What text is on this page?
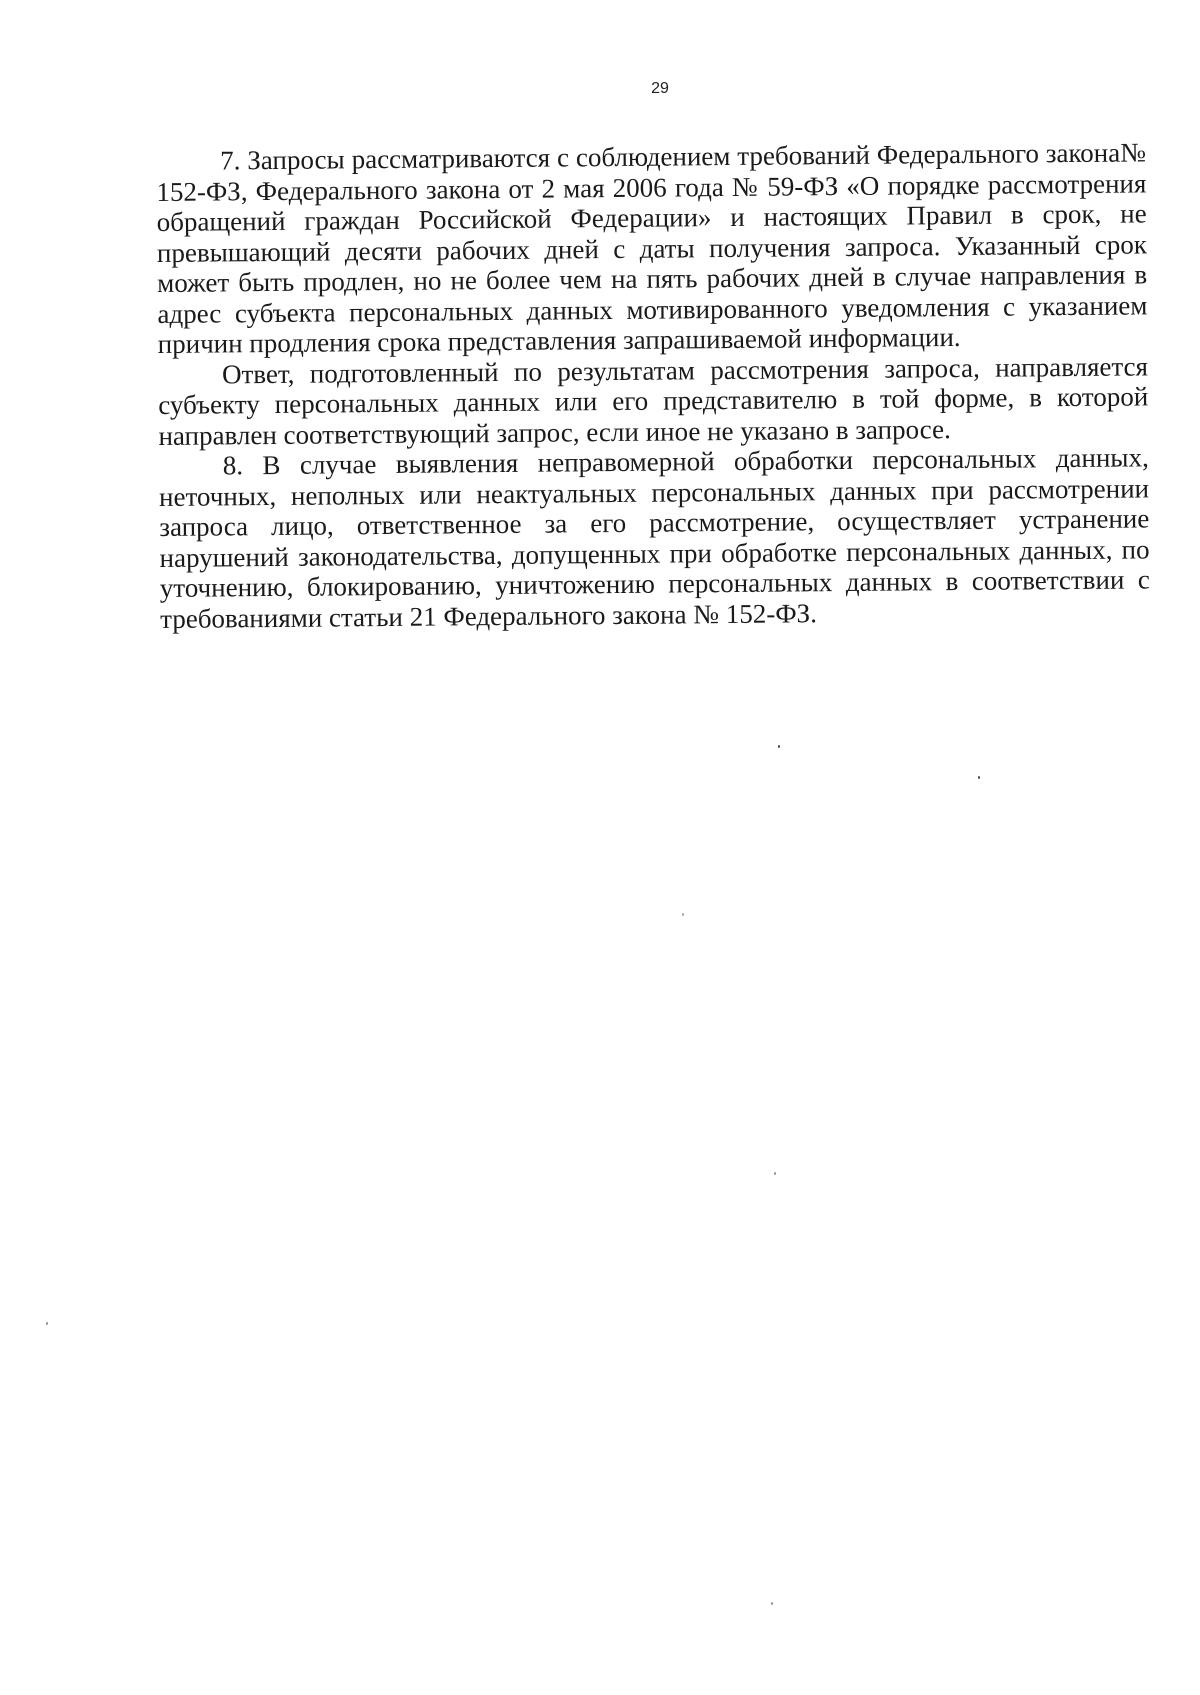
29

7. Запросы рассматриваются с соблюдением требований Федерального закона№ 152-ФЗ, Федерального закона от 2 мая 2006 года № 59-ФЗ «О порядке рассмотрения обращений граждан Российской Федерации» и настоящих Правил в срок, не превышающий десяти рабочих дней с даты получения запроса. Указанный срок может быть продлен, но не более чем на пять рабочих дней в случае направления в адрес субъекта персональных данных мотивированного уведомления с указанием причин продления срока представления запрашиваемой информации.

Ответ, подготовленный по результатам рассмотрения запроса, направляется субъекту персональных данных или его представителю в той форме, в которой направлен соответствующий запрос, если иное не указано в запросе.

8. В случае выявления неправомерной обработки персональных данных, неточных, неполных или неактуальных персональных данных при рассмотрении запроса лицо, ответственное за его рассмотрение, осуществляет устранение нарушений законодательства, допущенных при обработке персональных данных, по уточнению, блокированию, уничтожению персональных данных в соответствии с требованиями статьи 21 Федерального закона № 152-ФЗ.
